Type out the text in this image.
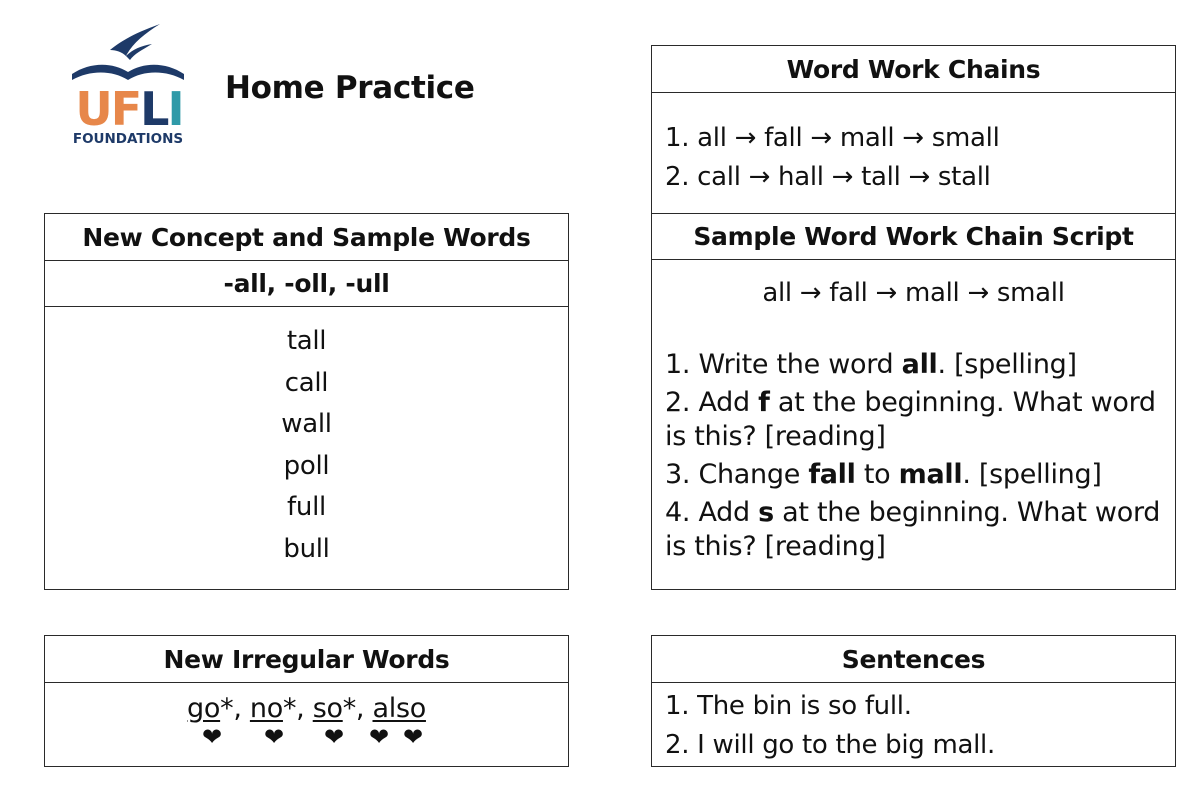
UFLI
FOUNDATIONS
Home Practice
New Concept and Sample Words
-all, -oll, -ull
tall
call
wall
poll
full
bull
New Irregular Words
go*, no*, so*, also
❤ ❤ ❤ ❤ ❤
Word Work Chains
1. all → fall → mall → small
2. call → hall → tall → stall
Sample Word Work Chain Script
all → fall → mall → small
1. Write the word all. [spelling]
2. Add f at the beginning. What word is this? [reading]
3. Change fall to mall. [spelling]
4. Add s at the beginning. What word is this? [reading]
Sentences
1. The bin is so full.
2. I will go to the big mall.
